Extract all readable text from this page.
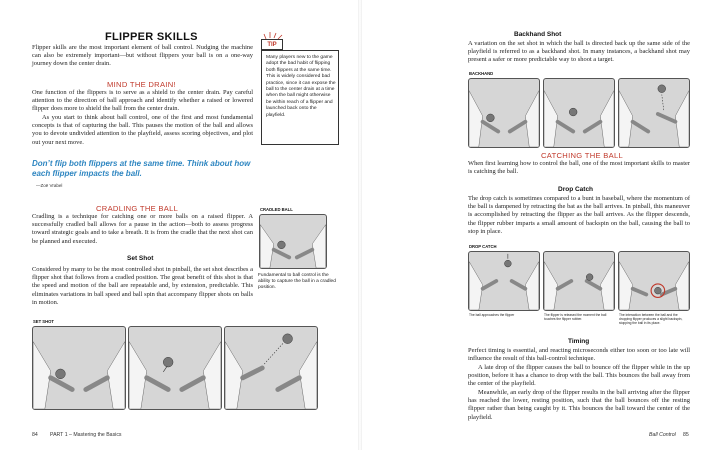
FLIPPER SKILLS
Flipper skills are the most important element of ball control. Nudging the machine can also be extremely important—but without flippers your ball is on a one-way journey down the center drain.
MIND THE DRAIN!
One function of the flippers is to serve as a shield to the center drain. Pay careful attention to the direction of ball approach and identify whether a raised or lowered flipper does more to shield the ball from the center drain.
As you start to think about ball control, one of the first and most fundamental concepts is that of capturing the ball. This pauses the motion of the ball and allows you to devote undivided attention to the playfield, assess scoring objectives, and plot out your next move.
Don’t flip both flippers at the same time. Think about how each flipper impacts the ball.
—Zoë Vrabel
CRADLING THE BALL
Cradling is a technique for catching one or more balls on a raised flipper. A successfully cradled ball allows for a pause in the action—both to assess progress toward strategic goals and to take a breath. It is from the cradle that the next shot can be planned and executed.
Set Shot
Considered by many to be the most controlled shot in pinball, the set shot describes a flipper shot that follows from a cradled position. The great benefit of this shot is that the speed and motion of the ball are repeatable and, by extension, predictable. This eliminates variations in ball speed and ball spin that accompany flipper shots on balls in motion.
TIP
Many players new to the game adopt the bad habit of flipping both flippers at the same time. This is widely considered bad practice, since it can expose the ball to the center drain at a time when the ball might otherwise be within reach of a flipper and launched back onto the playfield.
CRADLED BALL
Fundamental to ball control is the ability to capture the ball in a cradled position.
SET SHOT
84 PART 1 – Mastering the Basics
Backhand Shot
A variation on the set shot in which the ball is directed back up the same side of the playfield is referred to as a backhand shot. In many instances, a backhand shot may present a safer or more predictable way to shoot a target.
BACKHAND
CATCHING THE BALL
When first learning how to control the ball, one of the most important skills to master is catching the ball.
Drop Catch
The drop catch is sometimes compared to a bunt in baseball, where the momentum of the ball is dampened by retracting the bat as the ball arrives. In pinball, this maneuver is accomplished by retracting the flipper as the ball arrives. As the flipper descends, the flipper rubber imparts a small amount of backspin on the ball, causing the ball to stop in place.
DROP CATCH
The ball approaches the flipper	The flipper is released the moment the ball touches the flipper rubber.
The interaction between the ball and the dropping flipper produces a slight backspin, stopping the ball in its place.
Timing
Perfect timing is essential, and reacting microseconds either too soon or too late will influence the result of this ball-control technique.
A late drop of the flipper causes the ball to bounce off the flipper while in the up position, before it has a chance to drop with the ball. This bounces the ball away from the center of the playfield.
Meanwhile, an early drop of the flipper results in the ball arriving after the flipper has reached the lower, resting position, such that the ball bounces off the resting flipper rather than being caught by it. This bounces the ball toward the center of the playfield.
Ball Control 85
